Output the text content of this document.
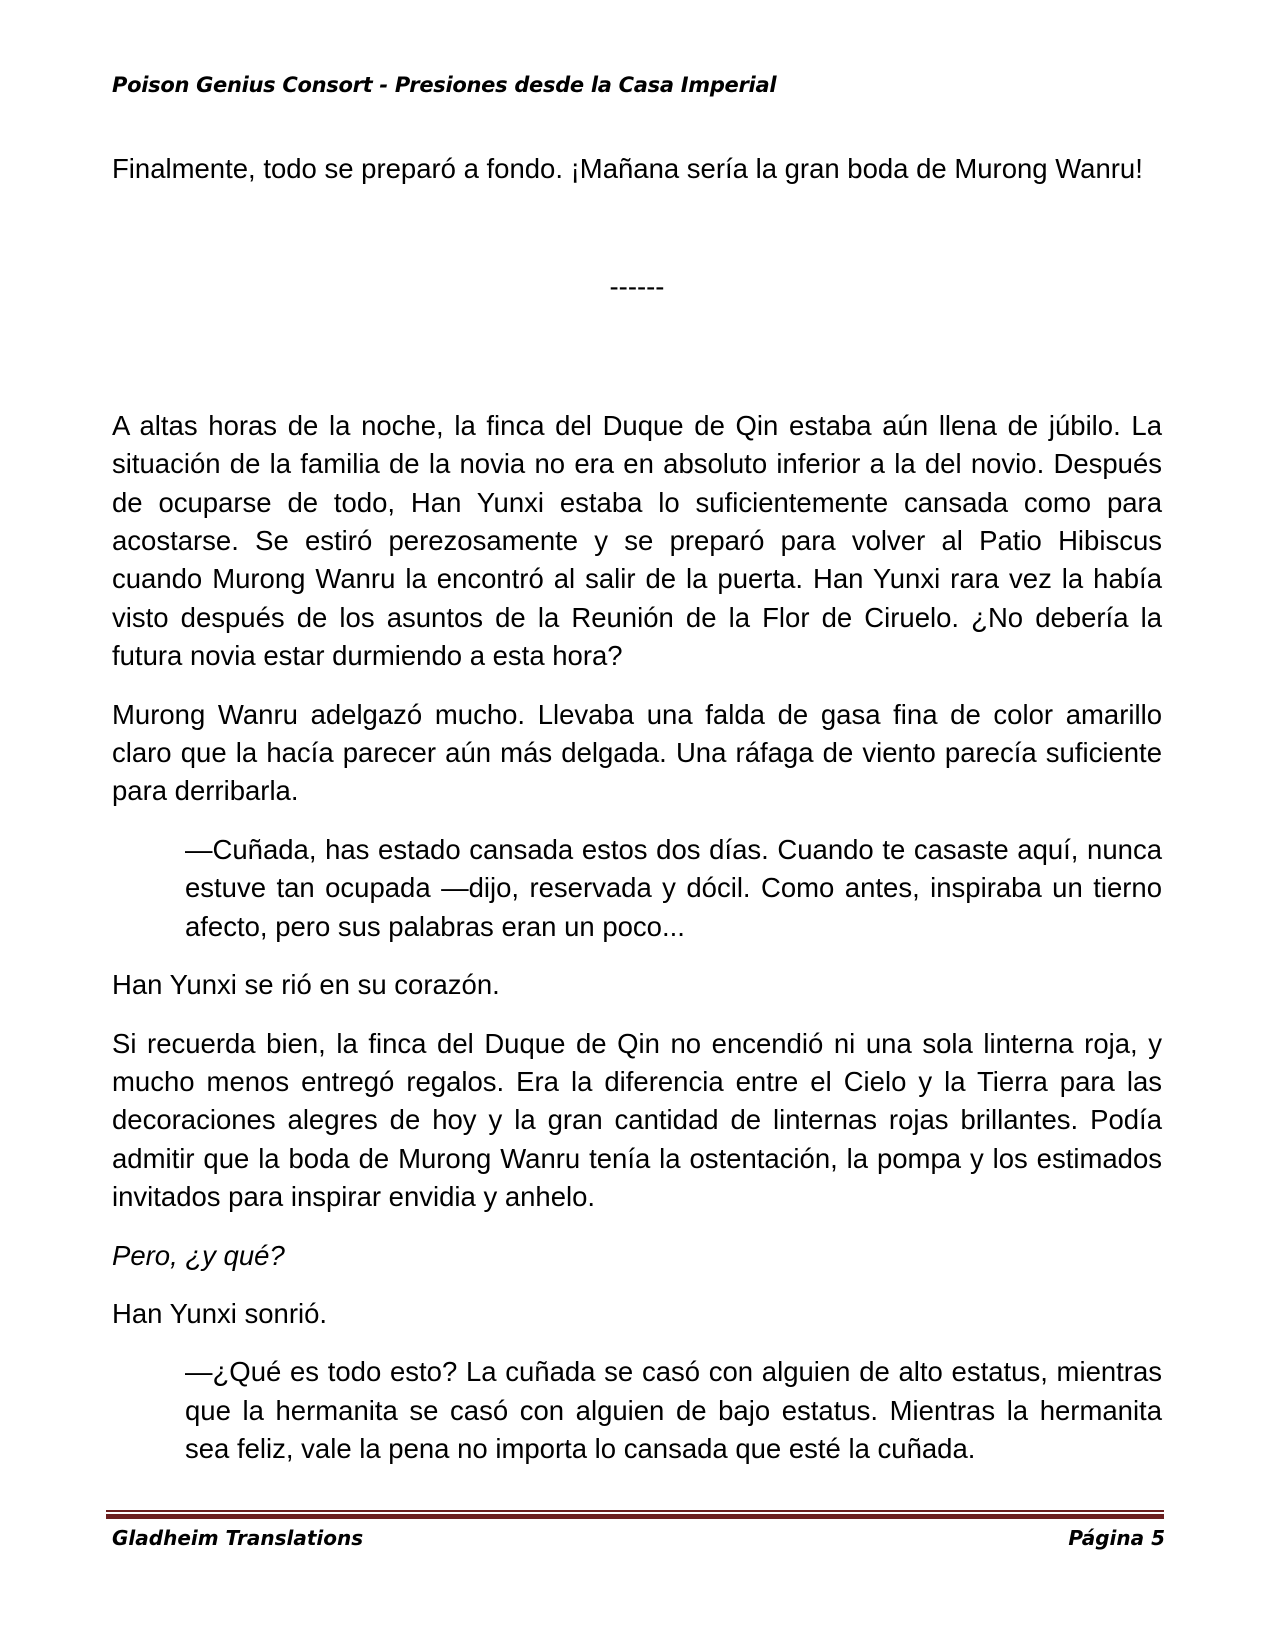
Poison Genius Consort - Presiones desde la Casa Imperial

Finalmente, todo se preparó a fondo. ¡Mañana sería la gran boda de Murong Wanru!

------

A altas horas de la noche, la finca del Duque de Qin estaba aún llena de júbilo. La situación de la familia de la novia no era en absoluto inferior a la del novio. Después de ocuparse de todo, Han Yunxi estaba lo suficientemente cansada como para acostarse. Se estiró perezosamente y se preparó para volver al Patio Hibiscus cuando Murong Wanru la encontró al salir de la puerta. Han Yunxi rara vez la había visto después de los asuntos de la Reunión de la Flor de Ciruelo. ¿No debería la futura novia estar durmiendo a esta hora?

Murong Wanru adelgazó mucho. Llevaba una falda de gasa fina de color amarillo claro que la hacía parecer aún más delgada. Una ráfaga de viento parecía suficiente para derribarla.

—Cuñada, has estado cansada estos dos días. Cuando te casaste aquí, nunca estuve tan ocupada —dijo, reservada y dócil. Como antes, inspiraba un tierno afecto, pero sus palabras eran un poco...

Han Yunxi se rió en su corazón.

Si recuerda bien, la finca del Duque de Qin no encendió ni una sola linterna roja, y mucho menos entregó regalos. Era la diferencia entre el Cielo y la Tierra para las decoraciones alegres de hoy y la gran cantidad de linternas rojas brillantes. Podía admitir que la boda de Murong Wanru tenía la ostentación, la pompa y los estimados invitados para inspirar envidia y anhelo.

Pero, ¿y qué?

Han Yunxi sonrió.

—¿Qué es todo esto? La cuñada se casó con alguien de alto estatus, mientras que la hermanita se casó con alguien de bajo estatus. Mientras la hermanita sea feliz, vale la pena no importa lo cansada que esté la cuñada.

Gladheim Translations	Página 5
